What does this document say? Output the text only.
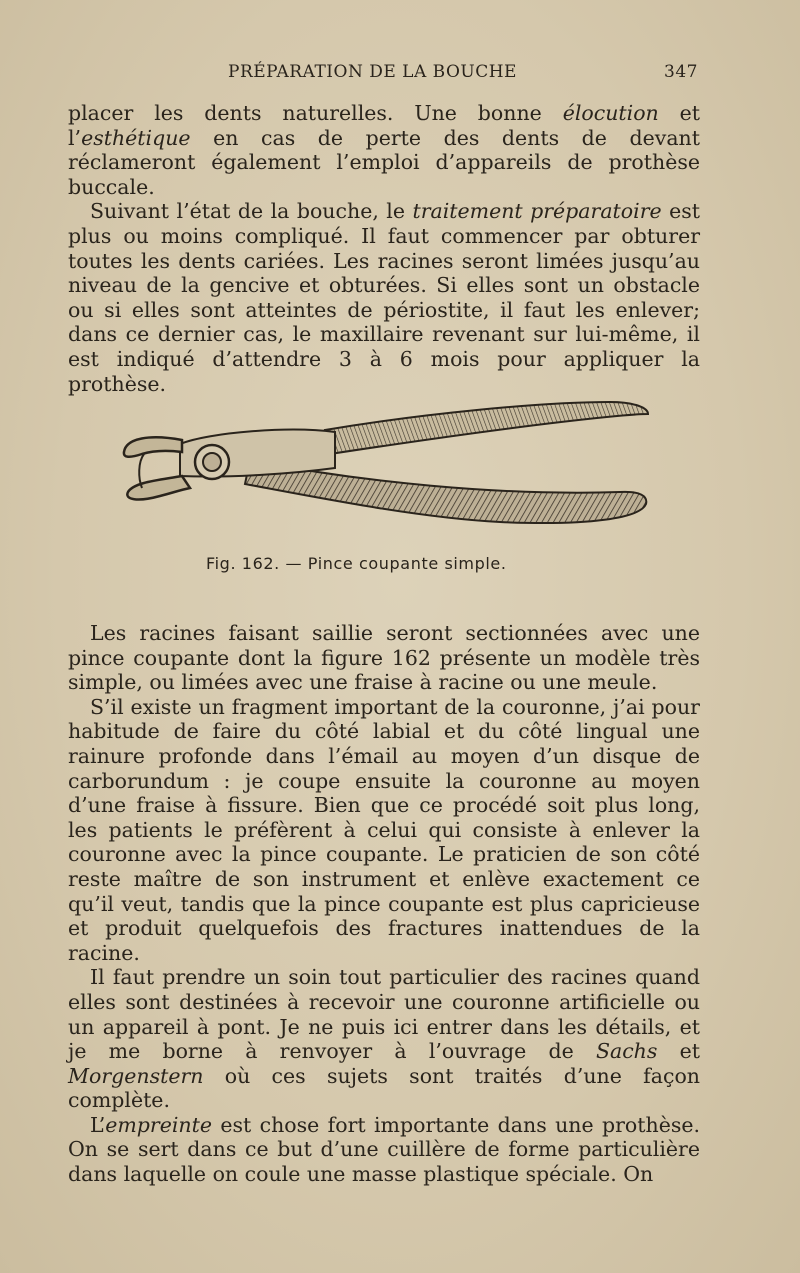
PRÉPARATION DE LA BOUCHE	347

placer les dents naturelles. Une bonne élocution et l’esthétique en cas de perte des dents de devant réclameront également l’emploi d’appareils de prothèse buccale.

Suivant l’état de la bouche, le traitement préparatoire est plus ou moins compliqué. Il faut commencer par obturer toutes les dents cariées. Les racines seront limées jusqu’au niveau de la gencive et obturées. Si elles sont un obstacle ou si elles sont atteintes de périostite, il faut les enlever; dans ce dernier cas, le maxillaire revenant sur lui-même, il est indiqué d’attendre 3 à 6 mois pour appliquer la prothèse.

Fig. 162. — Pince coupante simple.

Les racines faisant saillie seront sectionnées avec une pince coupante dont la figure 162 présente un modèle très simple, ou limées avec une fraise à racine ou une meule.

S’il existe un fragment important de la couronne, j’ai pour habitude de faire du côté labial et du côté lingual une rainure profonde dans l’émail au moyen d’un disque de carborundum : je coupe ensuite la couronne au moyen d’une fraise à fissure. Bien que ce procédé soit plus long, les patients le préfèrent à celui qui consiste à enlever la couronne avec la pince coupante. Le praticien de son côté reste maître de son instrument et enlève exactement ce qu’il veut, tandis que la pince coupante est plus capricieuse et produit quelquefois des fractures inattendues de la racine.

Il faut prendre un soin tout particulier des racines quand elles sont destinées à recevoir une couronne artificielle ou un appareil à pont. Je ne puis ici entrer dans les détails, et je me borne à renvoyer à l’ouvrage de Sachs et Morgenstern où ces sujets sont traités d’une façon complète.

L’empreinte est chose fort importante dans une prothèse. On se sert dans ce but d’une cuillère de forme particulière dans laquelle on coule une masse plastique spéciale. On
